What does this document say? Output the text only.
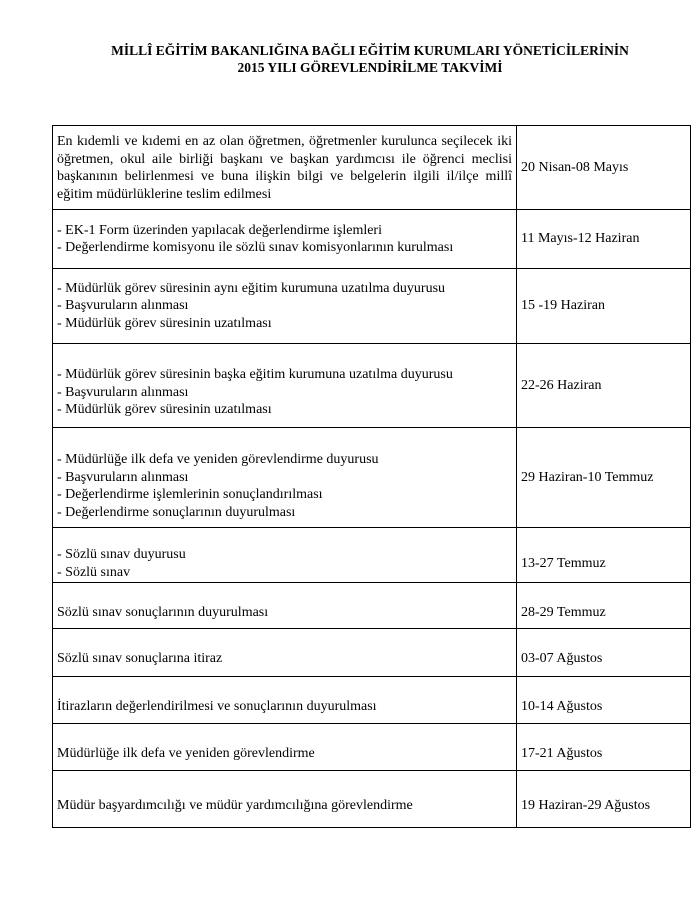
MİLLÎ EĞİTİM BAKANLIĞINA BAĞLI EĞİTİM KURUMLARI YÖNETİCİLERİNİN
2015 YILI GÖREVLENDİRİLME TAKVİMİ
En kıdemli ve kıdemi en az olan öğretmen, öğretmenler kurulunca seçilecek iki öğretmen, okul aile birliği başkanı ve başkan yardımcısı ile öğrenci meclisi başkanının belirlenmesi ve buna ilişkin bilgi ve belgelerin ilgili il/ilçe millî eğitim müdürlüklerine teslim edilmesi	20 Nisan-08 Mayıs

- EK-1 Form üzerinden yapılacak değerlendirme işlemleri
- Değerlendirme komisyonu ile sözlü sınav komisyonlarının kurulması	11 Mayıs-12 Haziran

- Müdürlük görev süresinin aynı eğitim kurumuna uzatılma duyurusu
- Başvuruların alınması
- Müdürlük görev süresinin uzatılması	15 -19 Haziran

- Müdürlük görev süresinin başka eğitim kurumuna uzatılma duyurusu
- Başvuruların alınması
- Müdürlük görev süresinin uzatılması	22-26 Haziran

- Müdürlüğe ilk defa ve yeniden görevlendirme duyurusu
- Başvuruların alınması
- Değerlendirme işlemlerinin sonuçlandırılması
- Değerlendirme sonuçlarının duyurulması	29 Haziran-10 Temmuz

- Sözlü sınav duyurusu
- Sözlü sınav	13-27 Temmuz
Sözlü sınav sonuçlarının duyurulması	28-29 Temmuz
Sözlü sınav sonuçlarına itiraz	03-07 Ağustos
İtirazların değerlendirilmesi ve sonuçlarının duyurulması	10-14 Ağustos
Müdürlüğe ilk defa ve yeniden görevlendirme	17-21 Ağustos
Müdür başyardımcılığı ve müdür yardımcılığına görevlendirme	19 Haziran-29 Ağustos
